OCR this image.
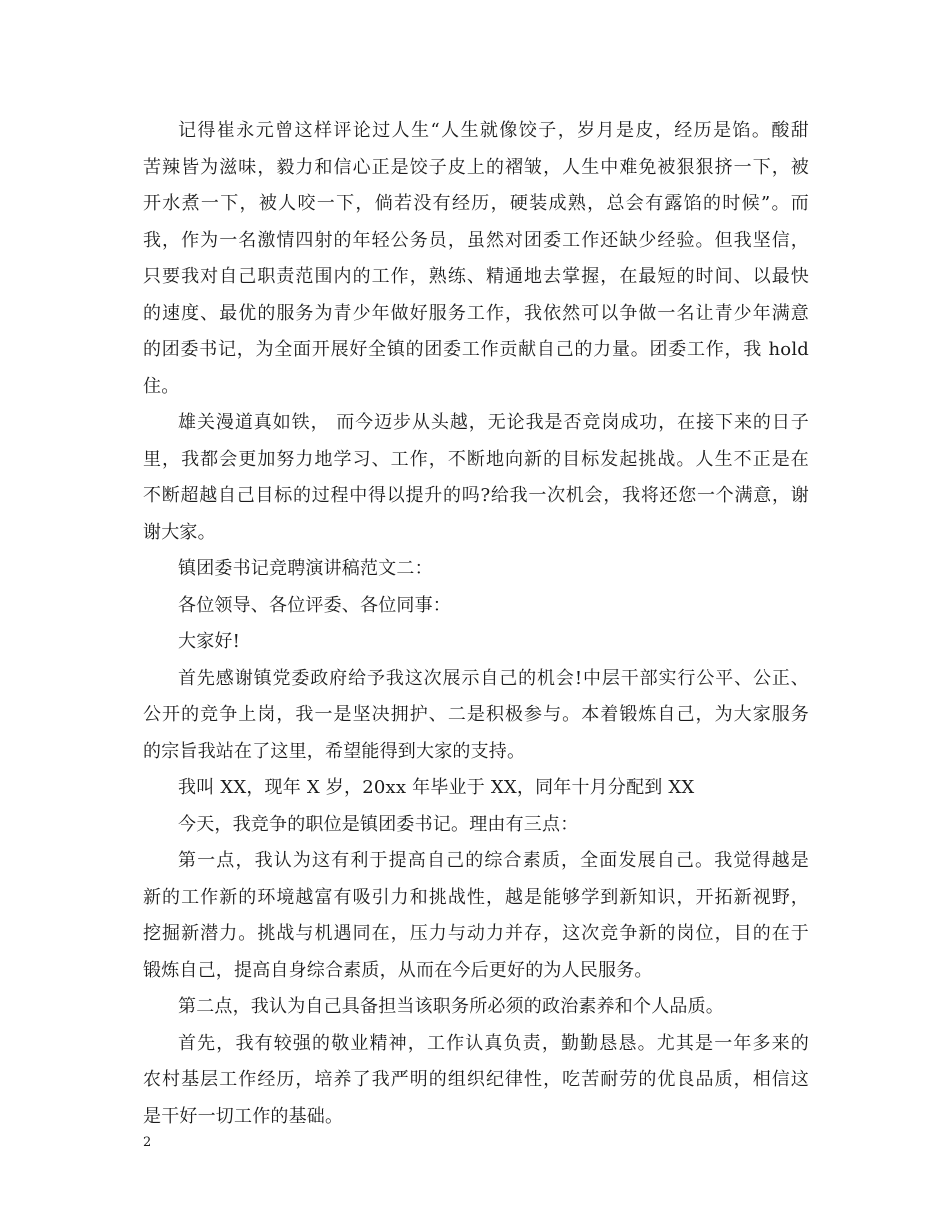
记得崔永元曾这样评论过人生“人生就像饺子，岁月是皮，经历是馅。酸甜
苦辣皆为滋味，毅力和信心正是饺子皮上的褶皱，人生中难免被狠狠挤一下，被
开水煮一下，被人咬一下，倘若没有经历，硬装成熟，总会有露馅的时候”。而
我，作为一名激情四射的年轻公务员，虽然对团委工作还缺少经验。但我坚信，
只要我对自己职责范围内的工作，熟练、精通地去掌握，在最短的时间、以最快
的速度、最优的服务为青少年做好服务工作，我依然可以争做一名让青少年满意
的团委书记，为全面开展好全镇的团委工作贡献自己的力量。团委工作，我 hold
住。
雄关漫道真如铁， 而今迈步从头越，无论我是否竞岗成功，在接下来的日子
里，我都会更加努力地学习、工作，不断地向新的目标发起挑战。人生不正是在
不断超越自己目标的过程中得以提升的吗?给我一次机会，我将还您一个满意，谢
谢大家。
镇团委书记竞聘演讲稿范文二：
各位领导、各位评委、各位同事：
大家好!
首先感谢镇党委政府给予我这次展示自己的机会!中层干部实行公平、公正、
公开的竞争上岗，我一是坚决拥护、二是积极参与。本着锻炼自己，为大家服务
的宗旨我站在了这里，希望能得到大家的支持。
我叫 XX，现年 X 岁，20xx 年毕业于 XX，同年十月分配到 XX
今天，我竞争的职位是镇团委书记。理由有三点：
第一点，我认为这有利于提高自己的综合素质，全面发展自己。我觉得越是
新的工作新的环境越富有吸引力和挑战性，越是能够学到新知识，开拓新视野，
挖掘新潜力。挑战与机遇同在，压力与动力并存，这次竞争新的岗位，目的在于
锻炼自己，提高自身综合素质，从而在今后更好的为人民服务。
第二点，我认为自己具备担当该职务所必须的政治素养和个人品质。
首先，我有较强的敬业精神，工作认真负责，勤勤恳恳。尤其是一年多来的
农村基层工作经历，培养了我严明的组织纪律性，吃苦耐劳的优良品质，相信这
是干好一切工作的基础。
2
